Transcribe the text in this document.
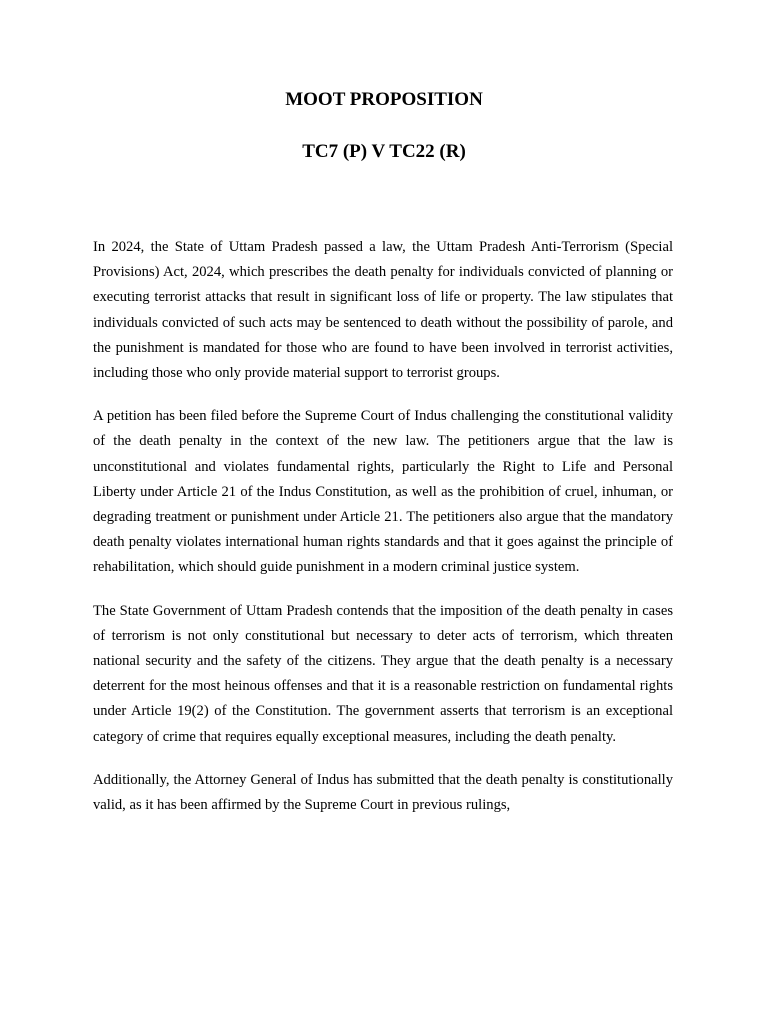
MOOT PROPOSITION
TC7 (P) V TC22 (R)

In 2024, the State of Uttam Pradesh passed a law, the Uttam Pradesh Anti-Terrorism (Special Provisions) Act, 2024, which prescribes the death penalty for individuals convicted of planning or executing terrorist attacks that result in significant loss of life or property. The law stipulates that individuals convicted of such acts may be sentenced to death without the possibility of parole, and the punishment is mandated for those who are found to have been involved in terrorist activities, including those who only provide material support to terrorist groups.

A petition has been filed before the Supreme Court of Indus challenging the constitutional validity of the death penalty in the context of the new law. The petitioners argue that the law is unconstitutional and violates fundamental rights, particularly the Right to Life and Personal Liberty under Article 21 of the Indus Constitution, as well as the prohibition of cruel, inhuman, or degrading treatment or punishment under Article 21. The petitioners also argue that the mandatory death penalty violates international human rights standards and that it goes against the principle of rehabilitation, which should guide punishment in a modern criminal justice system.

The State Government of Uttam Pradesh contends that the imposition of the death penalty in cases of terrorism is not only constitutional but necessary to deter acts of terrorism, which threaten national security and the safety of the citizens. They argue that the death penalty is a necessary deterrent for the most heinous offenses and that it is a reasonable restriction on fundamental rights under Article 19(2) of the Constitution. The government asserts that terrorism is an exceptional category of crime that requires equally exceptional measures, including the death penalty.

Additionally, the Attorney General of Indus has submitted that the death penalty is constitutionally valid, as it has been affirmed by the Supreme Court in previous rulings,
